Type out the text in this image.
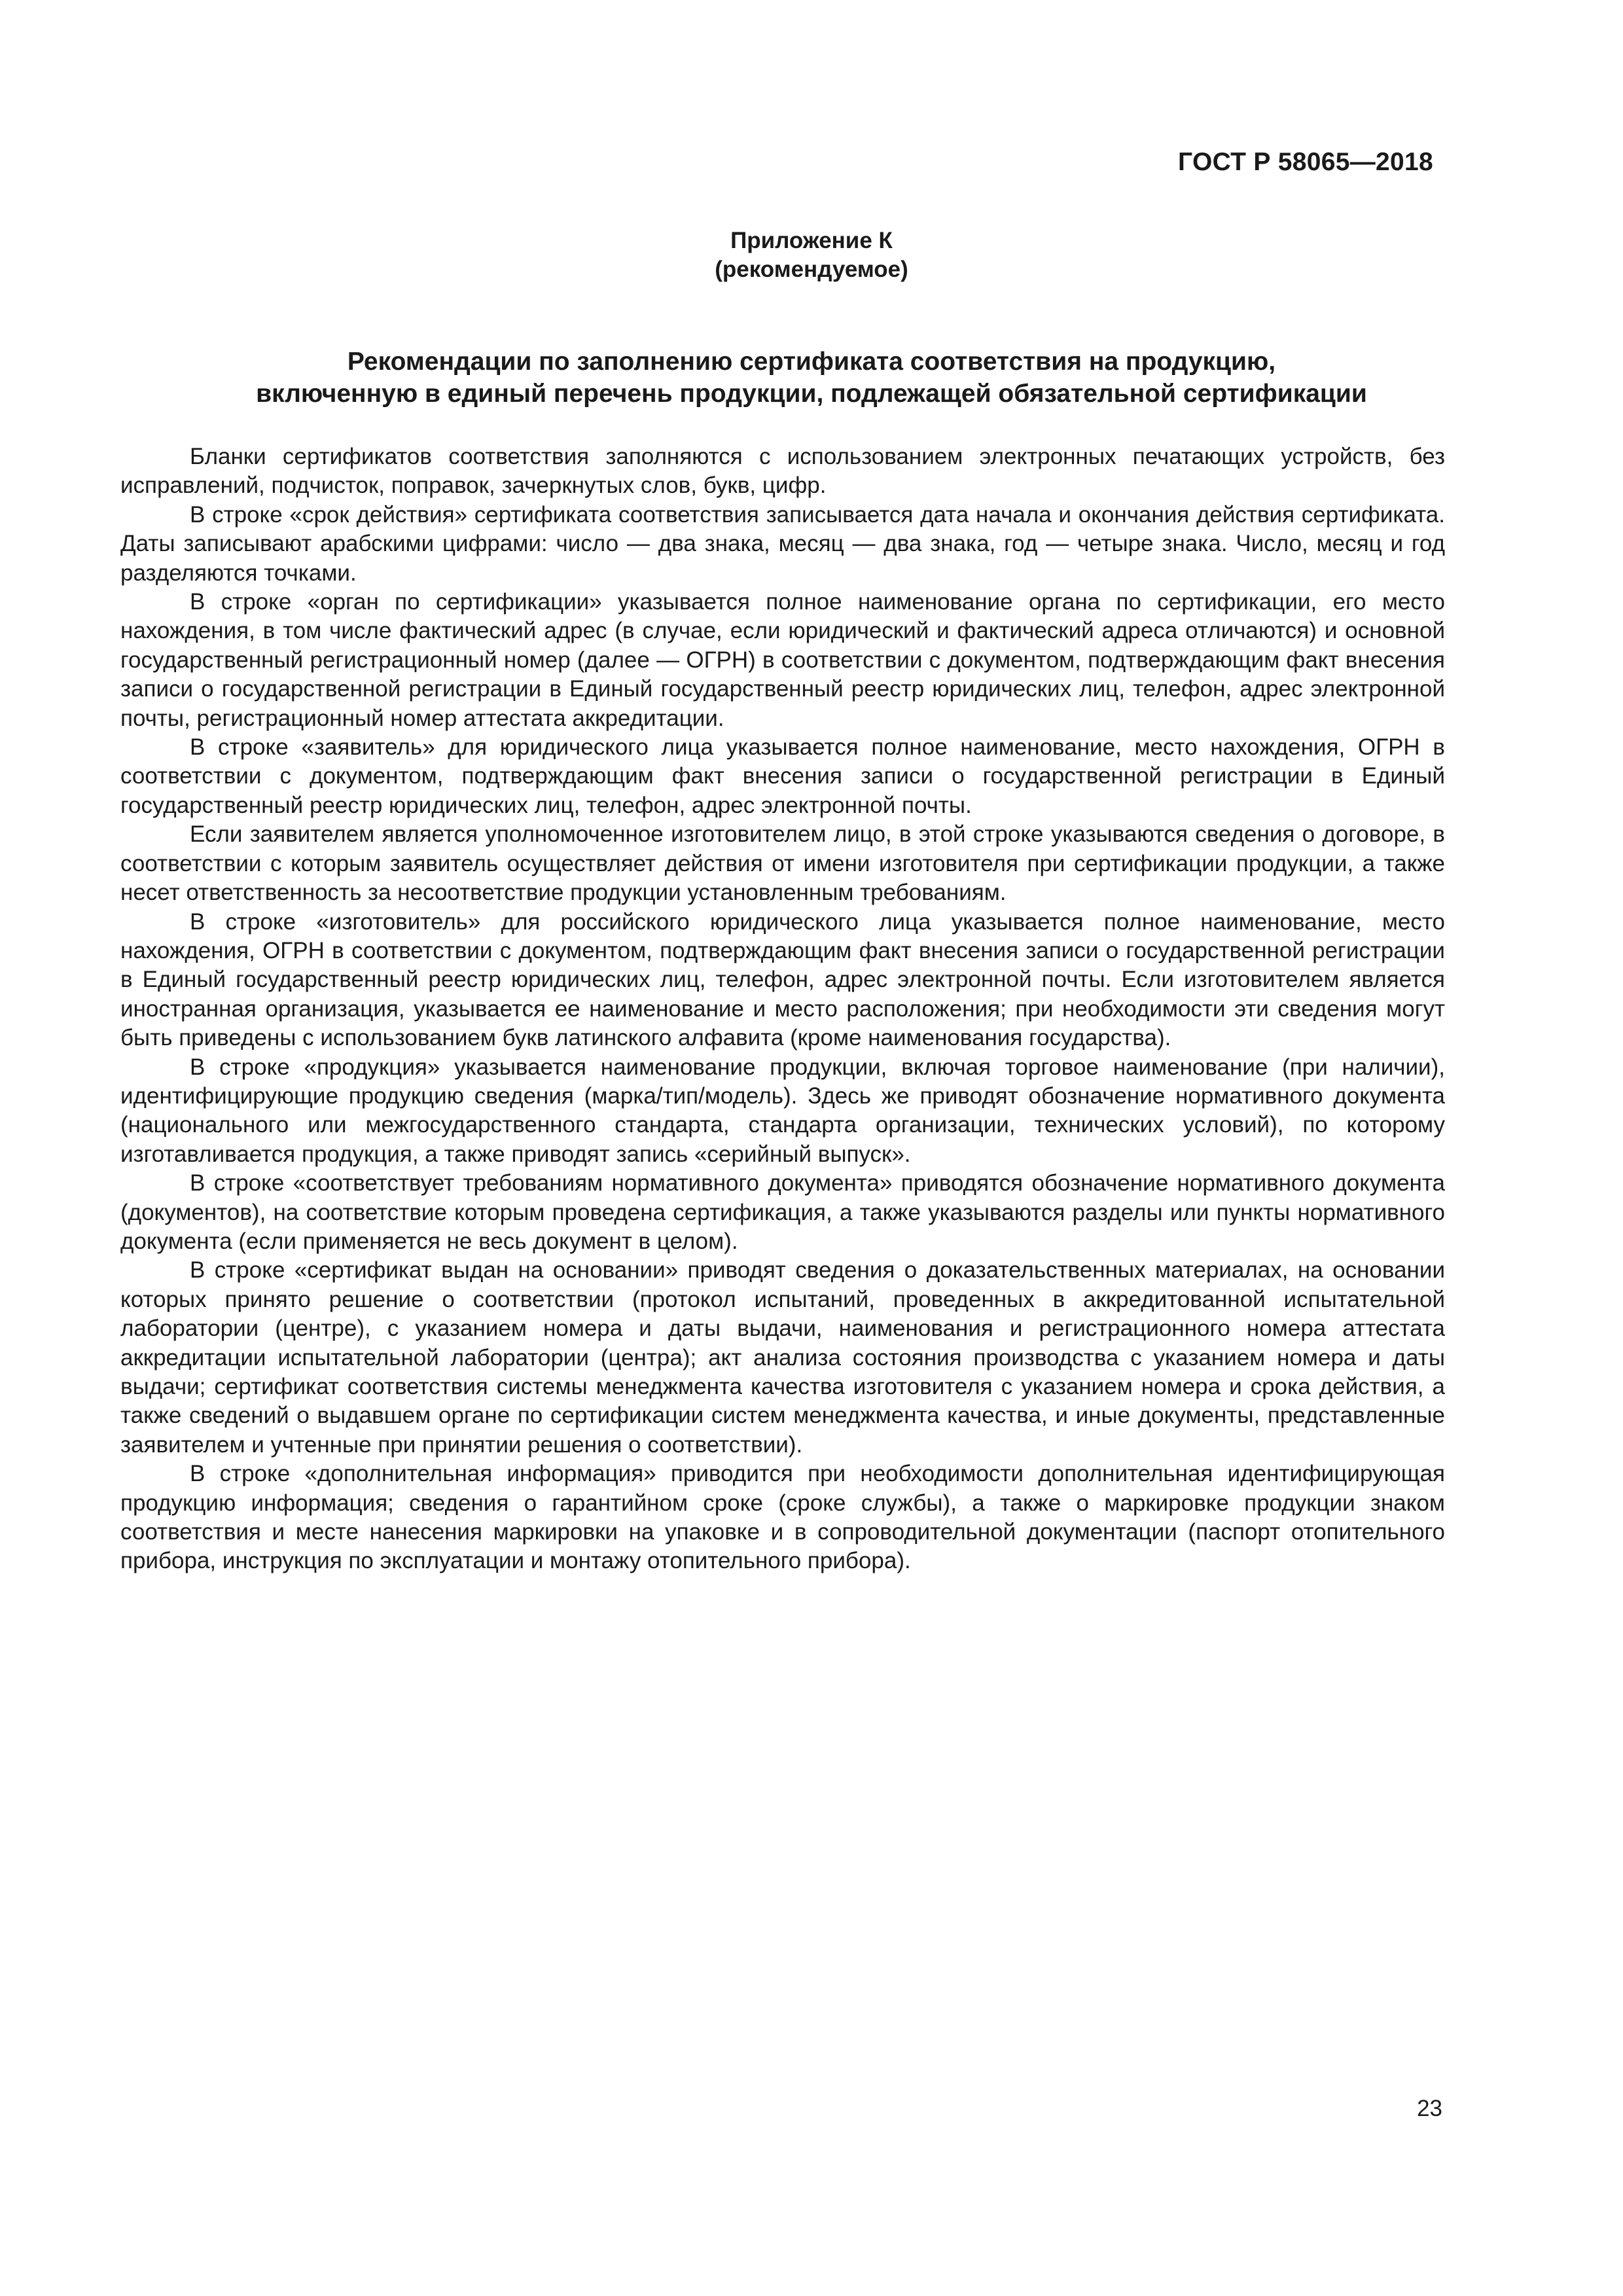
ГОСТ Р 58065—2018
Приложение К
(рекомендуемое)
Рекомендации по заполнению сертификата соответствия на продукцию,
включенную в единый перечень продукции, подлежащей обязательной сертификации

Бланки сертификатов соответствия заполняются с использованием электронных печатающих устройств, без исправлений, подчисток, поправок, зачеркнутых слов, букв, цифр.

В строке «срок действия» сертификата соответствия записывается дата начала и окончания действия сертификата. Даты записывают арабскими цифрами: число — два знака, месяц — два знака, год — четыре знака. Число, месяц и год разделяются точками.

В строке «орган по сертификации» указывается полное наименование органа по сертификации, его место нахождения, в том числе фактический адрес (в случае, если юридический и фактический адреса отличаются) и основной государственный регистрационный номер (далее — ОГРН) в соответствии с документом, подтверждающим факт внесения записи о государственной регистрации в Единый государственный реестр юридических лиц, телефон, адрес электронной почты, регистрационный номер аттестата аккредитации.

В строке «заявитель» для юридического лица указывается полное наименование, место нахождения, ОГРН в соответствии с документом, подтверждающим факт внесения записи о государственной регистрации в Единый государственный реестр юридических лиц, телефон, адрес электронной почты.

Если заявителем является уполномоченное изготовителем лицо, в этой строке указываются сведения о договоре, в соответствии с которым заявитель осуществляет действия от имени изготовителя при сертификации продукции, а также несет ответственность за несоответствие продукции установленным требованиям.

В строке «изготовитель» для российского юридического лица указывается полное наименование, место нахождения, ОГРН в соответствии с документом, подтверждающим факт внесения записи о государственной регистрации в Единый государственный реестр юридических лиц, телефон, адрес электронной почты. Если изготовителем является иностранная организация, указывается ее наименование и место расположения; при необходимости эти сведения могут быть приведены с использованием букв латинского алфавита (кроме наименования государства).

В строке «продукция» указывается наименование продукции, включая торговое наименование (при наличии), идентифицирующие продукцию сведения (марка/тип/модель). Здесь же приводят обозначение нормативного документа (национального или межгосударственного стандарта, стандарта организации, технических условий), по которому изготавливается продукция, а также приводят запись «серийный выпуск».

В строке «соответствует требованиям нормативного документа» приводятся обозначение нормативного документа (документов), на соответствие которым проведена сертификация, а также указываются разделы или пункты нормативного документа (если применяется не весь документ в целом).

В строке «сертификат выдан на основании» приводят сведения о доказательственных материалах, на основании которых принято решение о соответствии (протокол испытаний, проведенных в аккредитованной испытательной лаборатории (центре), с указанием номера и даты выдачи, наименования и регистрационного номера аттестата аккредитации испытательной лаборатории (центра); акт анализа состояния производства с указанием номера и даты выдачи; сертификат соответствия системы менеджмента качества изготовителя с указанием номера и срока действия, а также сведений о выдавшем органе по сертификации систем менеджмента качества, и иные документы, представленные заявителем и учтенные при принятии решения о соответствии).

В строке «дополнительная информация» приводится при необходимости дополнительная идентифицирующая продукцию информация; сведения о гарантийном сроке (сроке службы), а также о маркировке продукции знаком соответствия и месте нанесения маркировки на упаковке и в сопроводительной документации (паспорт отопительного прибора, инструкция по эксплуатации и монтажу отопительного прибора).

23
